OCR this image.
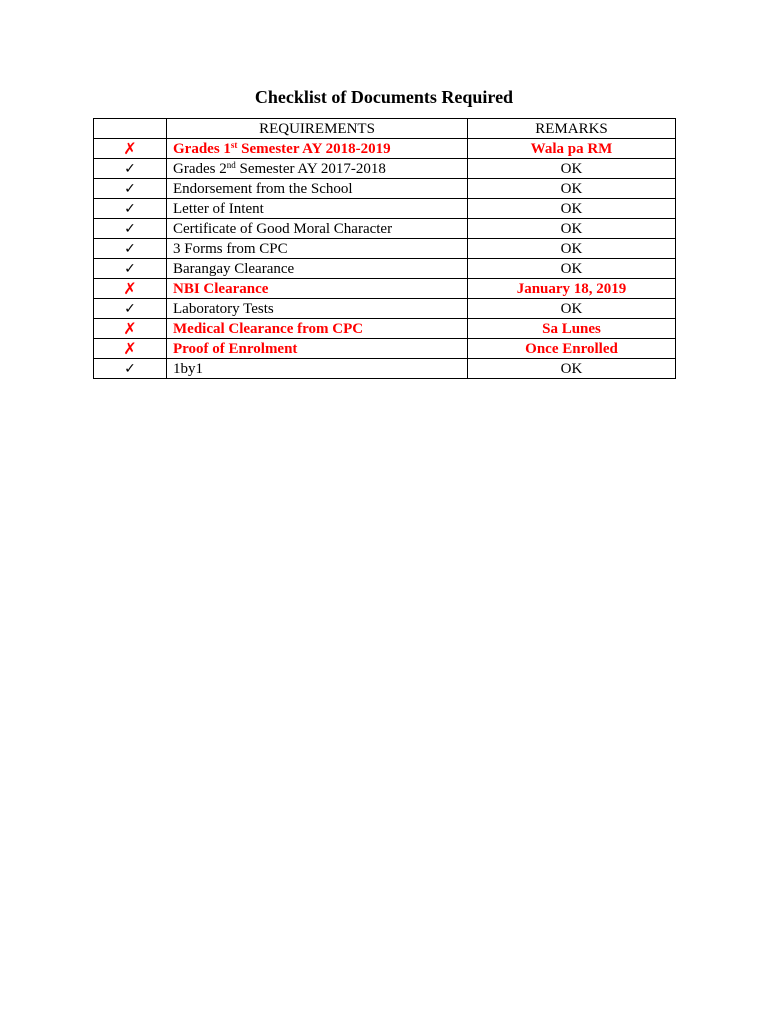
Checklist of Documents Required
	REQUIREMENTS	REMARKS
✗	Grades 1st Semester AY 2018-2019	Wala pa RM
✓	Grades 2nd Semester AY 2017-2018	OK
✓	Endorsement from the School	OK
✓	Letter of Intent	OK
✓	Certificate of Good Moral Character	OK
✓	3 Forms from CPC	OK
✓	Barangay Clearance	OK
✗	NBI Clearance	January 18, 2019
✓	Laboratory Tests	OK
✗	Medical Clearance from CPC	Sa Lunes
✗	Proof of Enrolment	Once Enrolled
✓	1by1	OK
